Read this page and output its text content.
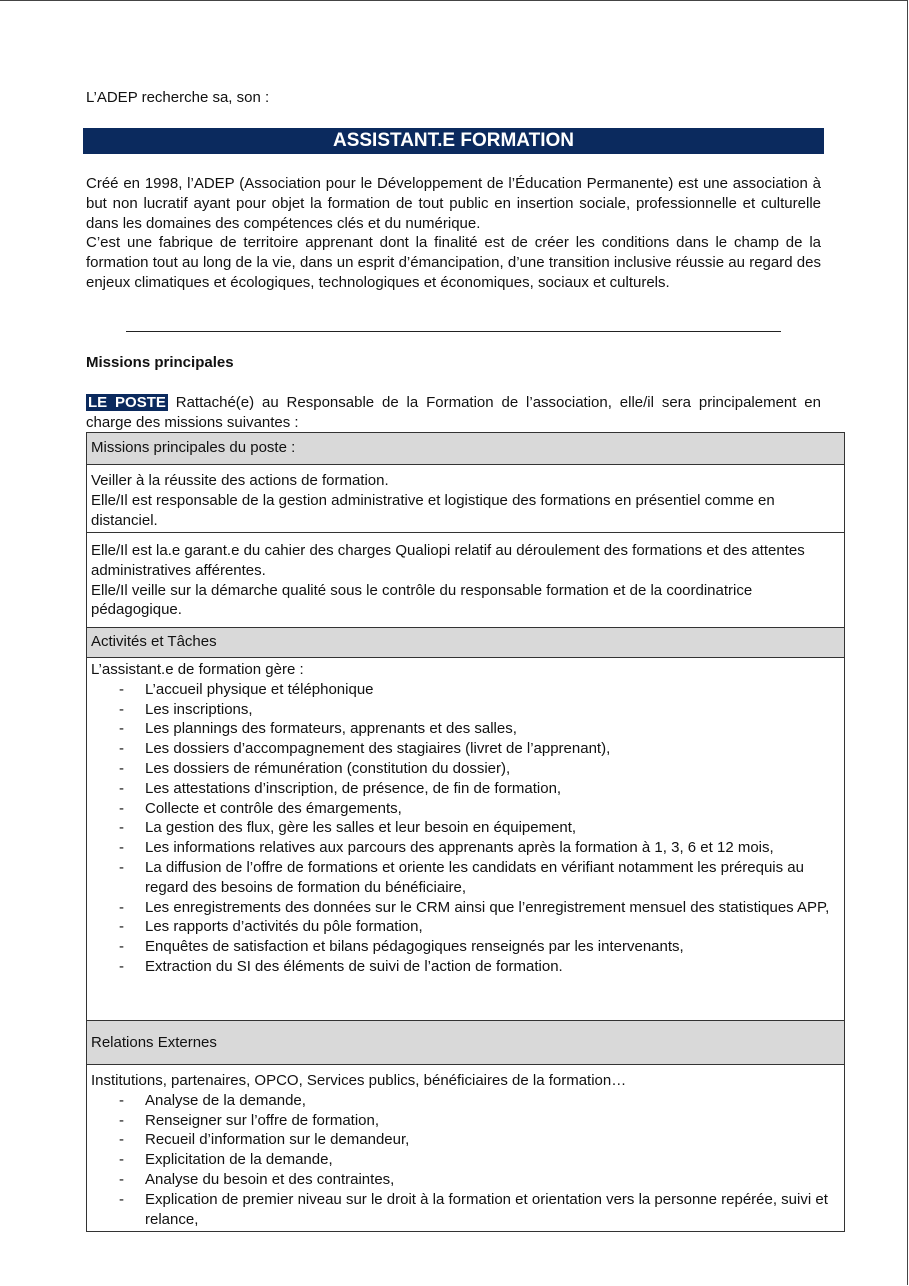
L’ADEP recherche sa, son :
ASSISTANT.E FORMATION

Créé en 1998, l’ADEP (Association pour le Développement de l’Éducation Permanente) est une association à but non lucratif ayant pour objet la formation de tout public en insertion sociale, professionnelle et culturelle dans les domaines des compétences clés et du numérique.

C’est une fabrique de territoire apprenant dont la finalité est de créer les conditions dans le champ de la formation tout au long de la vie, dans un esprit d’émancipation, d’une transition inclusive réussie au regard des enjeux climatiques et écologiques, technologiques et économiques, sociaux et culturels.

Missions principales
LE POSTE Rattaché(e) au Responsable de la Formation de l’association, elle/il sera principalement en charge des missions suivantes :
Missions principales du poste :

Veiller à la réussite des actions de formation.

Elle/Il est responsable de la gestion administrative et logistique des formations en présentiel comme en distanciel.

Elle/Il est la.e garant.e du cahier des charges Qualiopi relatif au déroulement des formations et des attentes administratives afférentes.

Elle/Il veille sur la démarche qualité sous le contrôle du responsable formation et de la coordinatrice pédagogique.

Activités et Tâches

L’assistant.e de formation gère :

- L’accueil physique et téléphonique
- Les inscriptions,
- Les plannings des formateurs, apprenants et des salles,
- Les dossiers d’accompagnement des stagiaires (livret de l’apprenant),
- Les dossiers de rémunération (constitution du dossier),
- Les attestations d’inscription, de présence, de fin de formation,
- Collecte et contrôle des émargements,
- La gestion des flux, gère les salles et leur besoin en équipement,
- Les informations relatives aux parcours des apprenants après la formation à 1, 3, 6 et 12 mois,
- La diffusion de l’offre de formations et oriente les candidats en vérifiant notamment les prérequis au regard des besoins de formation du bénéficiaire,
- Les enregistrements des données sur le CRM ainsi que l’enregistrement mensuel des statistiques APP,
- Les rapports d’activités du pôle formation,
- Enquêtes de satisfaction et bilans pédagogiques renseignés par les intervenants,
- Extraction du SI des éléments de suivi de l’action de formation.
Relations Externes

Institutions, partenaires, OPCO, Services publics, bénéficiaires de la formation…

- Analyse de la demande,
- Renseigner sur l’offre de formation,
- Recueil d’information sur le demandeur,
- Explicitation de la demande,
- Analyse du besoin et des contraintes,
- Explication de premier niveau sur le droit à la formation et orientation vers la personne repérée, suivi et relance,
